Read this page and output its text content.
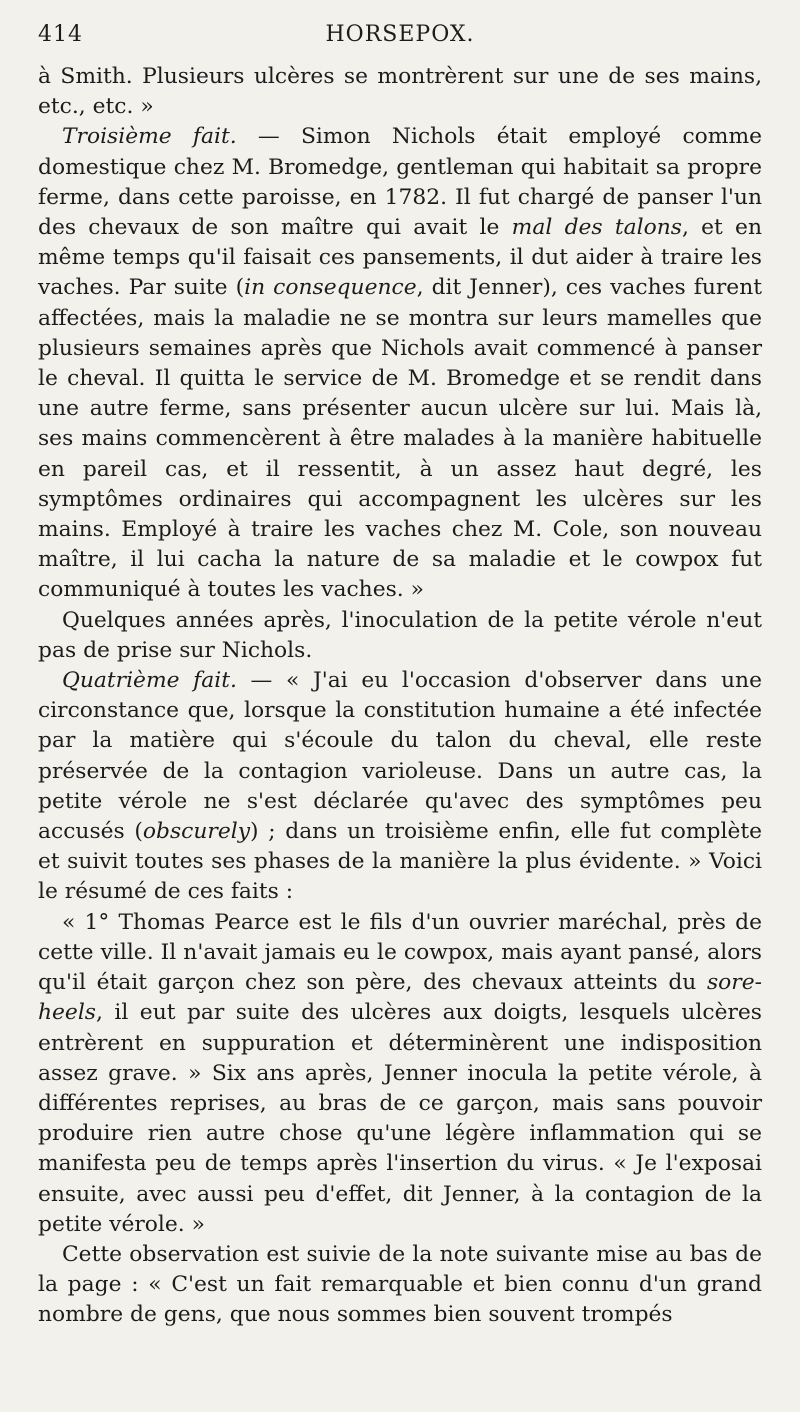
414	HORSEPOX.

à Smith. Plusieurs ulcères se montrèrent sur une de ses mains, etc., etc. »

Troisième fait. — Simon Nichols était employé comme domestique chez M. Bromedge, gentleman qui habitait sa propre ferme, dans cette paroisse, en 1782. Il fut chargé de panser l'un des chevaux de son maître qui avait le mal des talons, et en même temps qu'il faisait ces pansements, il dut aider à traire les vaches. Par suite (in consequence, dit Jenner), ces vaches furent affectées, mais la maladie ne se montra sur leurs mamelles que plusieurs semaines après que Nichols avait commencé à panser le cheval. Il quitta le service de M. Bromedge et se rendit dans une autre ferme, sans présenter aucun ulcère sur lui. Mais là, ses mains commencèrent à être malades à la manière habituelle en pareil cas, et il ressentit, à un assez haut degré, les symptômes ordinaires qui accompagnent les ulcères sur les mains. Employé à traire les vaches chez M. Cole, son nouveau maître, il lui cacha la nature de sa maladie et le cowpox fut communiqué à toutes les vaches. »

Quelques années après, l'inoculation de la petite vérole n'eut pas de prise sur Nichols.

Quatrième fait. — « J'ai eu l'occasion d'observer dans une circonstance que, lorsque la constitution humaine a été infectée par la matière qui s'écoule du talon du cheval, elle reste préservée de la contagion varioleuse. Dans un autre cas, la petite vérole ne s'est déclarée qu'avec des symptômes peu accusés (obscurely) ; dans un troisième enfin, elle fut complète et suivit toutes ses phases de la manière la plus évidente. » Voici le résumé de ces faits :

« 1° Thomas Pearce est le fils d'un ouvrier maréchal, près de cette ville. Il n'avait jamais eu le cowpox, mais ayant pansé, alors qu'il était garçon chez son père, des chevaux atteints du sore-heels, il eut par suite des ulcères aux doigts, lesquels ulcères entrèrent en suppuration et déterminèrent une indisposition assez grave. » Six ans après, Jenner inocula la petite vérole, à différentes reprises, au bras de ce garçon, mais sans pouvoir produire rien autre chose qu'une légère inflammation qui se manifesta peu de temps après l'insertion du virus. « Je l'exposai ensuite, avec aussi peu d'effet, dit Jenner, à la contagion de la petite vérole. »

Cette observation est suivie de la note suivante mise au bas de la page : « C'est un fait remarquable et bien connu d'un grand nombre de gens, que nous sommes bien souvent trompés
